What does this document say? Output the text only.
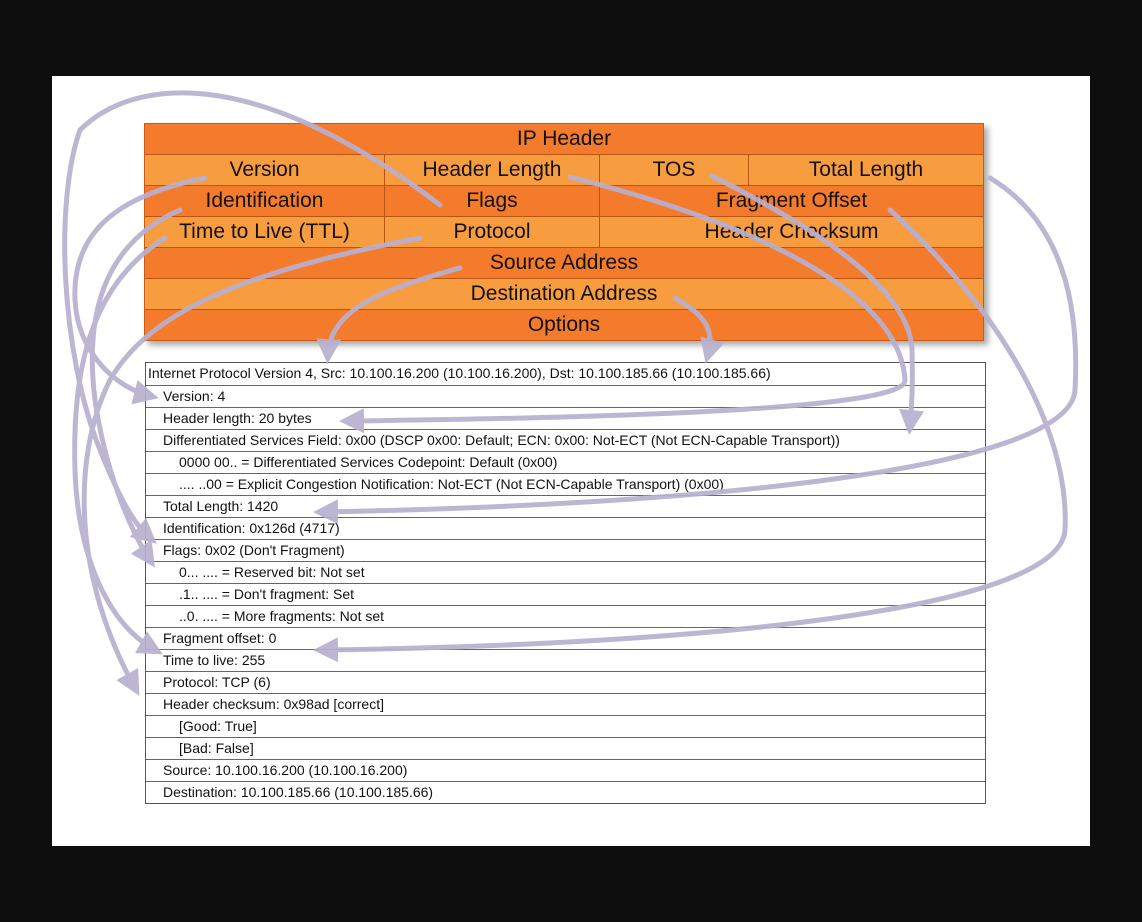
IP Header
Version	Header Length	TOS	Total Length
Identification	Flags	Fragment Offset
Time to Live (TTL)	Protocol	Header Checksum
Source Address
Destination Address
Options
Internet Protocol Version 4, Src: 10.100.16.200 (10.100.16.200), Dst: 10.100.185.66 (10.100.185.66)
Version: 4
Header length: 20 bytes
Differentiated Services Field: 0x00 (DSCP 0x00: Default; ECN: 0x00: Not-ECT (Not ECN-Capable Transport))
0000 00.. = Differentiated Services Codepoint: Default (0x00)
.... ..00 = Explicit Congestion Notification: Not-ECT (Not ECN-Capable Transport) (0x00)
Total Length: 1420
Identification: 0x126d (4717)
Flags: 0x02 (Don't Fragment)
0... .... = Reserved bit: Not set
.1.. .... = Don't fragment: Set
..0. .... = More fragments: Not set
Fragment offset: 0
Time to live: 255
Protocol: TCP (6)
Header checksum: 0x98ad [correct]
[Good: True]
[Bad: False]
Source: 10.100.16.200 (10.100.16.200)
Destination: 10.100.185.66 (10.100.185.66)
